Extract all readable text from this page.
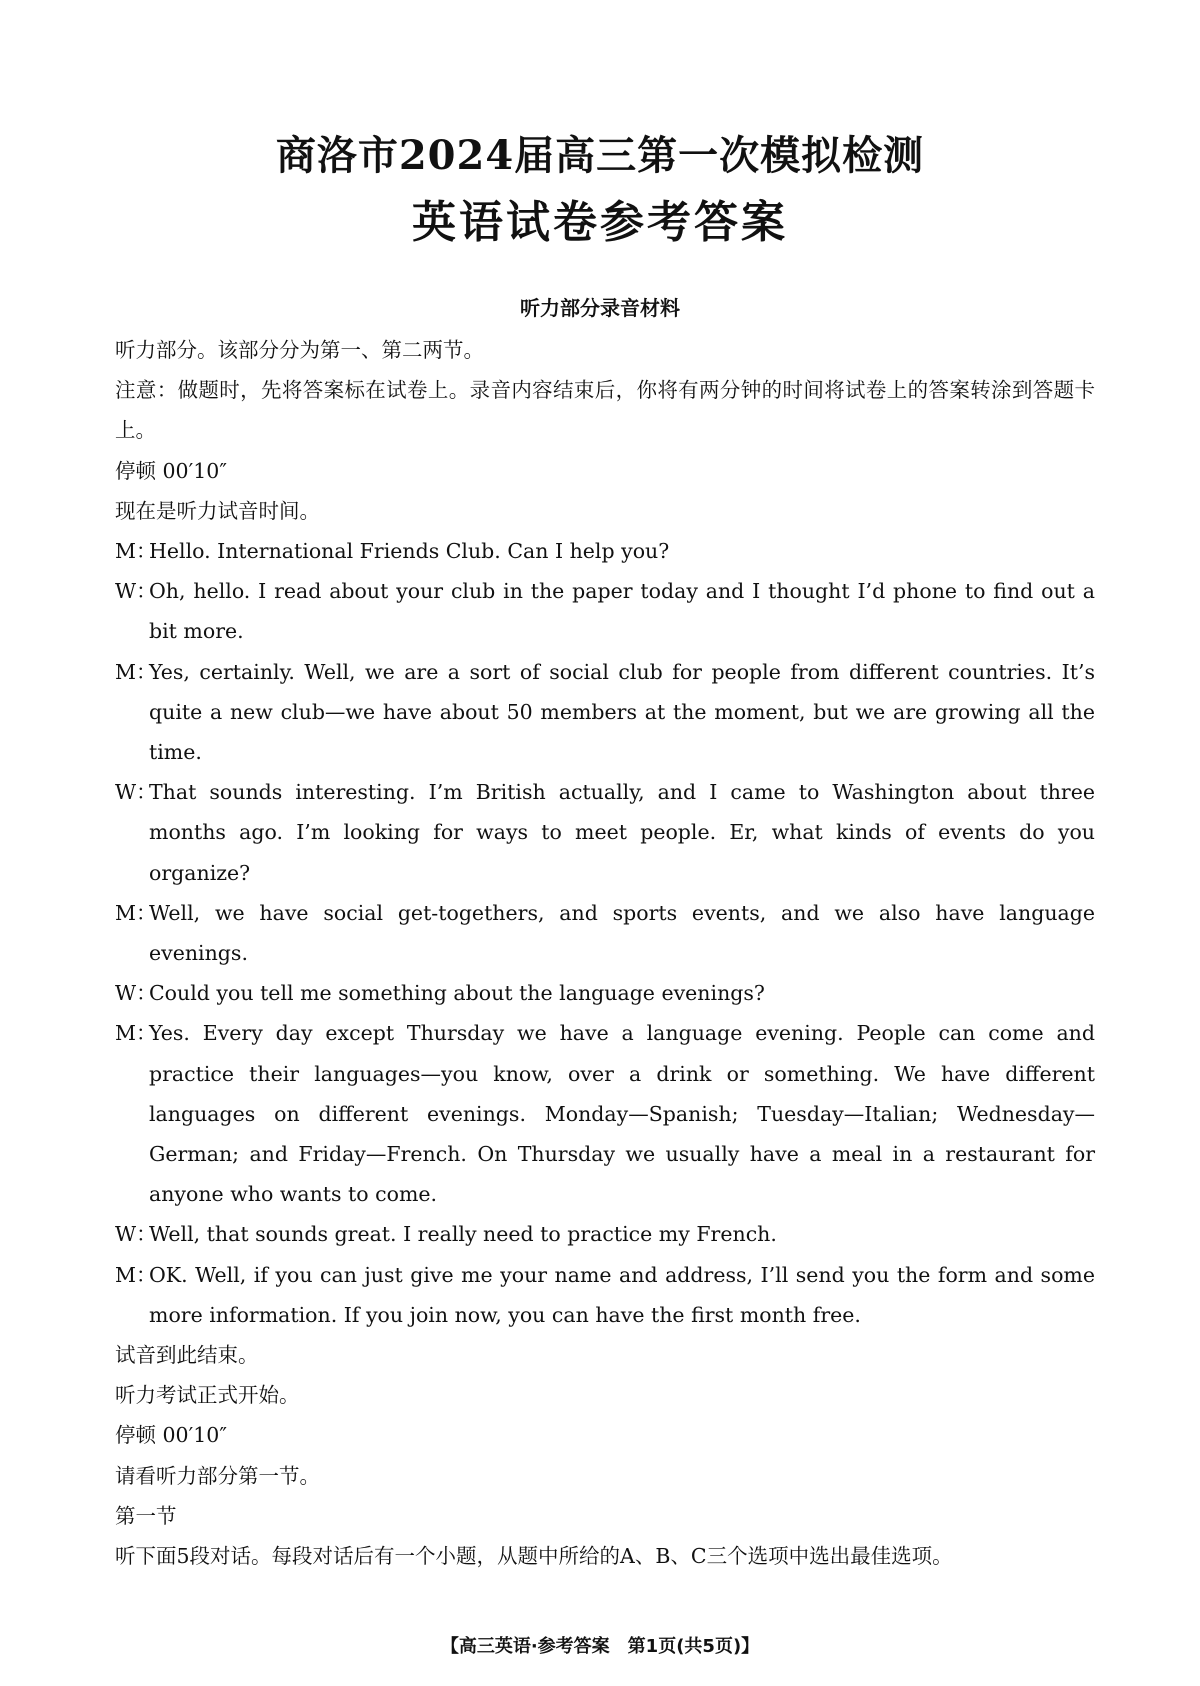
商洛市2024届高三第一次模拟检测
英语试卷参考答案
听力部分录音材料

听力部分。该部分分为第一、第二两节。

注意：做题时，先将答案标在试卷上。录音内容结束后，你将有两分钟的时间将试卷上的答案转涂到答题卡上。

停顿 00′10″

现在是听力试音时间。

M：Hello. International Friends Club. Can I help you?

W：Oh, hello. I read about your club in the paper today and I thought I’d phone to find out a bit more.

M：Yes, certainly. Well, we are a sort of social club for people from different countries. It’s quite a new club—we have about 50 members at the moment, but we are growing all the time.

W：That sounds interesting. I’m British actually, and I came to Washington about three months ago. I’m looking for ways to meet people. Er, what kinds of events do you organize?

M：Well, we have social get-togethers, and sports events, and we also have language evenings.

W：Could you tell me something about the language evenings?

M：Yes. Every day except Thursday we have a language evening. People can come and practice their languages—you know, over a drink or something. We have different languages on different evenings. Monday—Spanish; Tuesday—Italian; Wednesday—German; and Friday—French. On Thursday we usually have a meal in a restaurant for anyone who wants to come.

W：Well, that sounds great. I really need to practice my French.

M：OK. Well, if you can just give me your name and address, I’ll send you the form and some more information. If you join now, you can have the first month free.

试音到此结束。

听力考试正式开始。

停顿 00′10″

请看听力部分第一节。

第一节

听下面5段对话。每段对话后有一个小题，从题中所给的A、B、C三个选项中选出最佳选项。

【高三英语·参考答案　第1页(共5页)】
